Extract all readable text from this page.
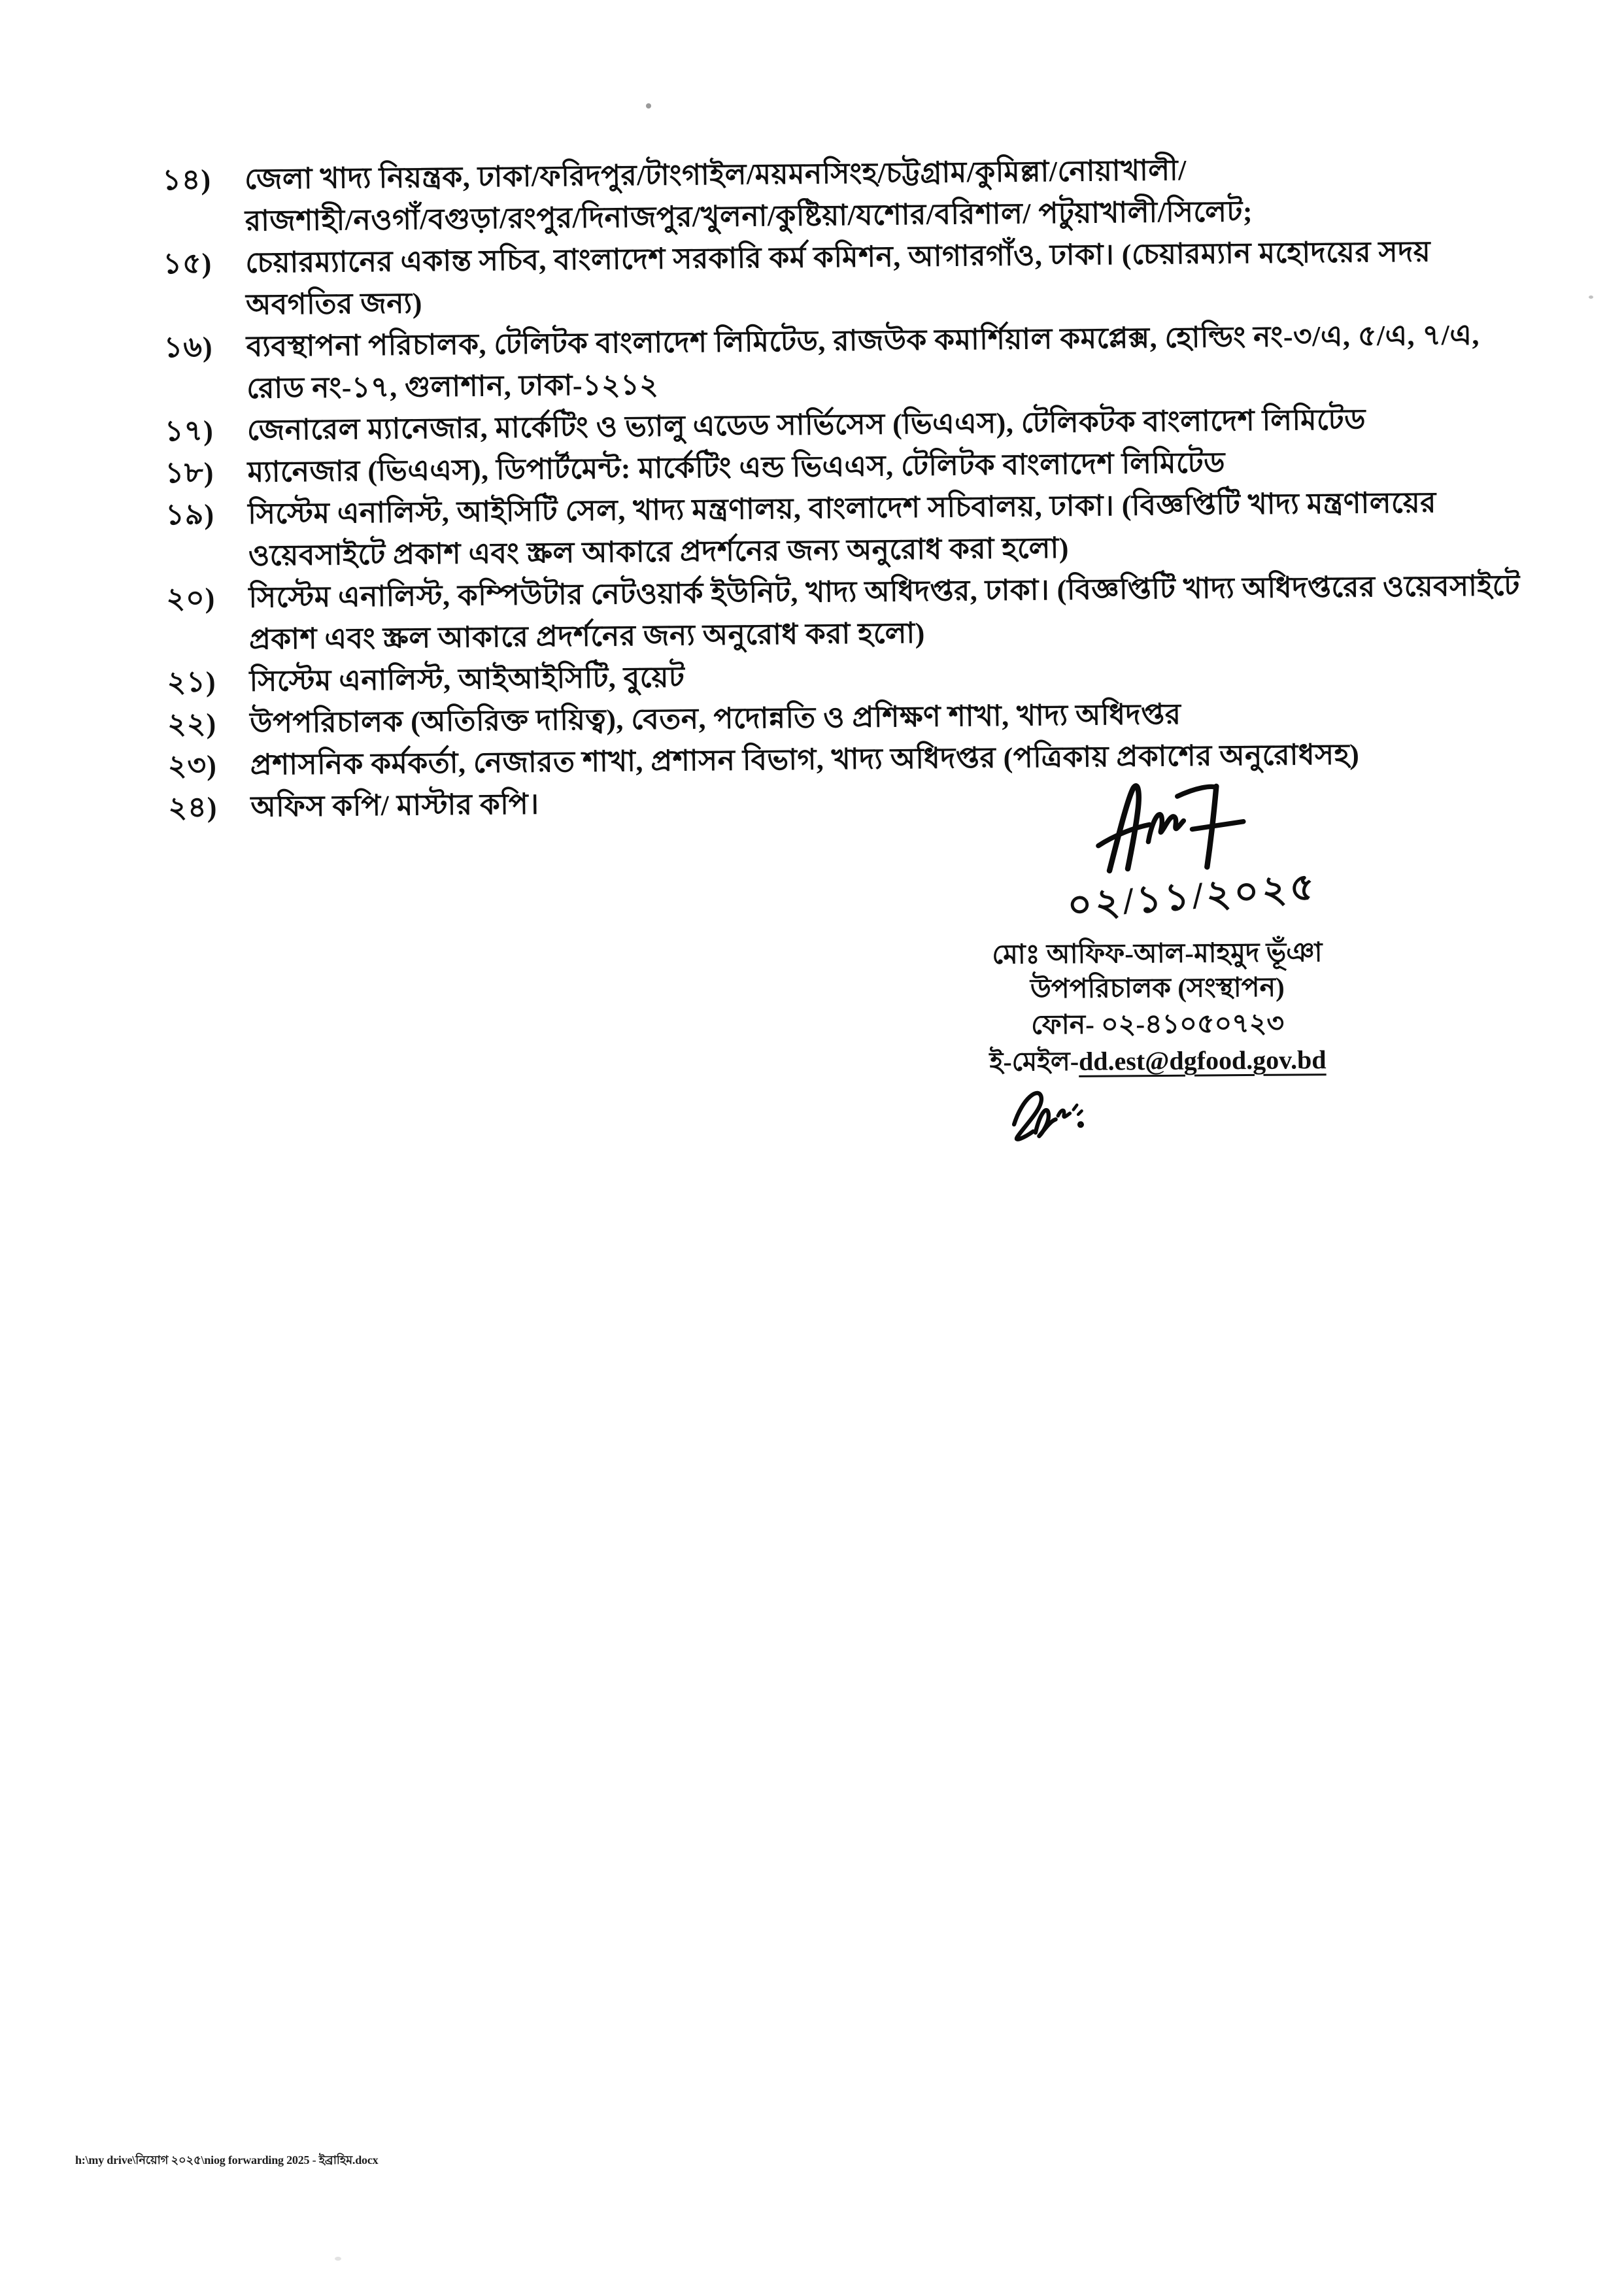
১৪)	জেলা খাদ্য নিয়ন্ত্রক, ঢাকা/ফরিদপুর/টাংগাইল/ময়মনসিংহ/চট্টগ্রাম/কুমিল্লা/নোয়াখালী/
রাজশাহী/নওগাঁ/বগুড়া/রংপুর/দিনাজপুর/খুলনা/কুষ্টিয়া/যশোর/বরিশাল/ পটুয়াখালী/সিলেট;
১৫)	চেয়ারম্যানের একান্ত সচিব, বাংলাদেশ সরকারি কর্ম কমিশন, আগারগাঁও, ঢাকা। (চেয়ারম্যান মহোদয়ের সদয়
অবগতির জন্য)
১৬)	ব্যবস্থাপনা পরিচালক, টেলিটক বাংলাদেশ লিমিটেড, রাজউক কমার্শিয়াল কমপ্লেক্স, হোল্ডিং নং-৩/এ, ৫/এ, ৭/এ,
রোড নং-১৭, গুলাশান, ঢাকা-১২১২
১৭)	জেনারেল ম্যানেজার, মার্কেটিং ও ভ্যালু এডেড সার্ভিসেস (ভিএএস), টেলিকটক বাংলাদেশ লিমিটেড
১৮)	ম্যানেজার (ভিএএস), ডিপার্টমেন্ট: মার্কেটিং এন্ড ভিএএস, টেলিটক বাংলাদেশ লিমিটেড
১৯)	সিস্টেম এনালিস্ট, আইসিটি সেল, খাদ্য মন্ত্রণালয়, বাংলাদেশ সচিবালয়, ঢাকা। (বিজ্ঞপ্তিটি খাদ্য মন্ত্রণালয়ের
ওয়েবসাইটে প্রকাশ এবং স্ক্রল আকারে প্রদর্শনের জন্য অনুরোধ করা হলো)
২০)	সিস্টেম এনালিস্ট, কম্পিউটার নেটওয়ার্ক ইউনিট, খাদ্য অধিদপ্তর, ঢাকা। (বিজ্ঞপ্তিটি খাদ্য অধিদপ্তরের ওয়েবসাইটে
প্রকাশ এবং স্ক্রল আকারে প্রদর্শনের জন্য অনুরোধ করা হলো)
২১)	সিস্টেম এনালিস্ট, আইআইসিটি, বুয়েট
২২)	উপপরিচালক (অতিরিক্ত দায়িত্ব), বেতন, পদোন্নতি ও প্রশিক্ষণ শাখা, খাদ্য অধিদপ্তর
২৩)	প্রশাসনিক কর্মকর্তা, নেজারত শাখা, প্রশাসন বিভাগ, খাদ্য অধিদপ্তর (পত্রিকায় প্রকাশের অনুরোধসহ)
২৪)	অফিস কপি/ মাস্টার কপি।
০২/১১/২০২৫
মোঃ আফিফ-আল-মাহমুদ ভূঁঞা
উপপরিচালক (সংস্থাপন)
ফোন- ০২-৪১০৫০৭২৩
ই-মেইল-dd.est@dgfood.gov.bd
h:\my drive\নিয়োগ ২০২৫\niog forwarding 2025 - ইব্রাহিম.docx
